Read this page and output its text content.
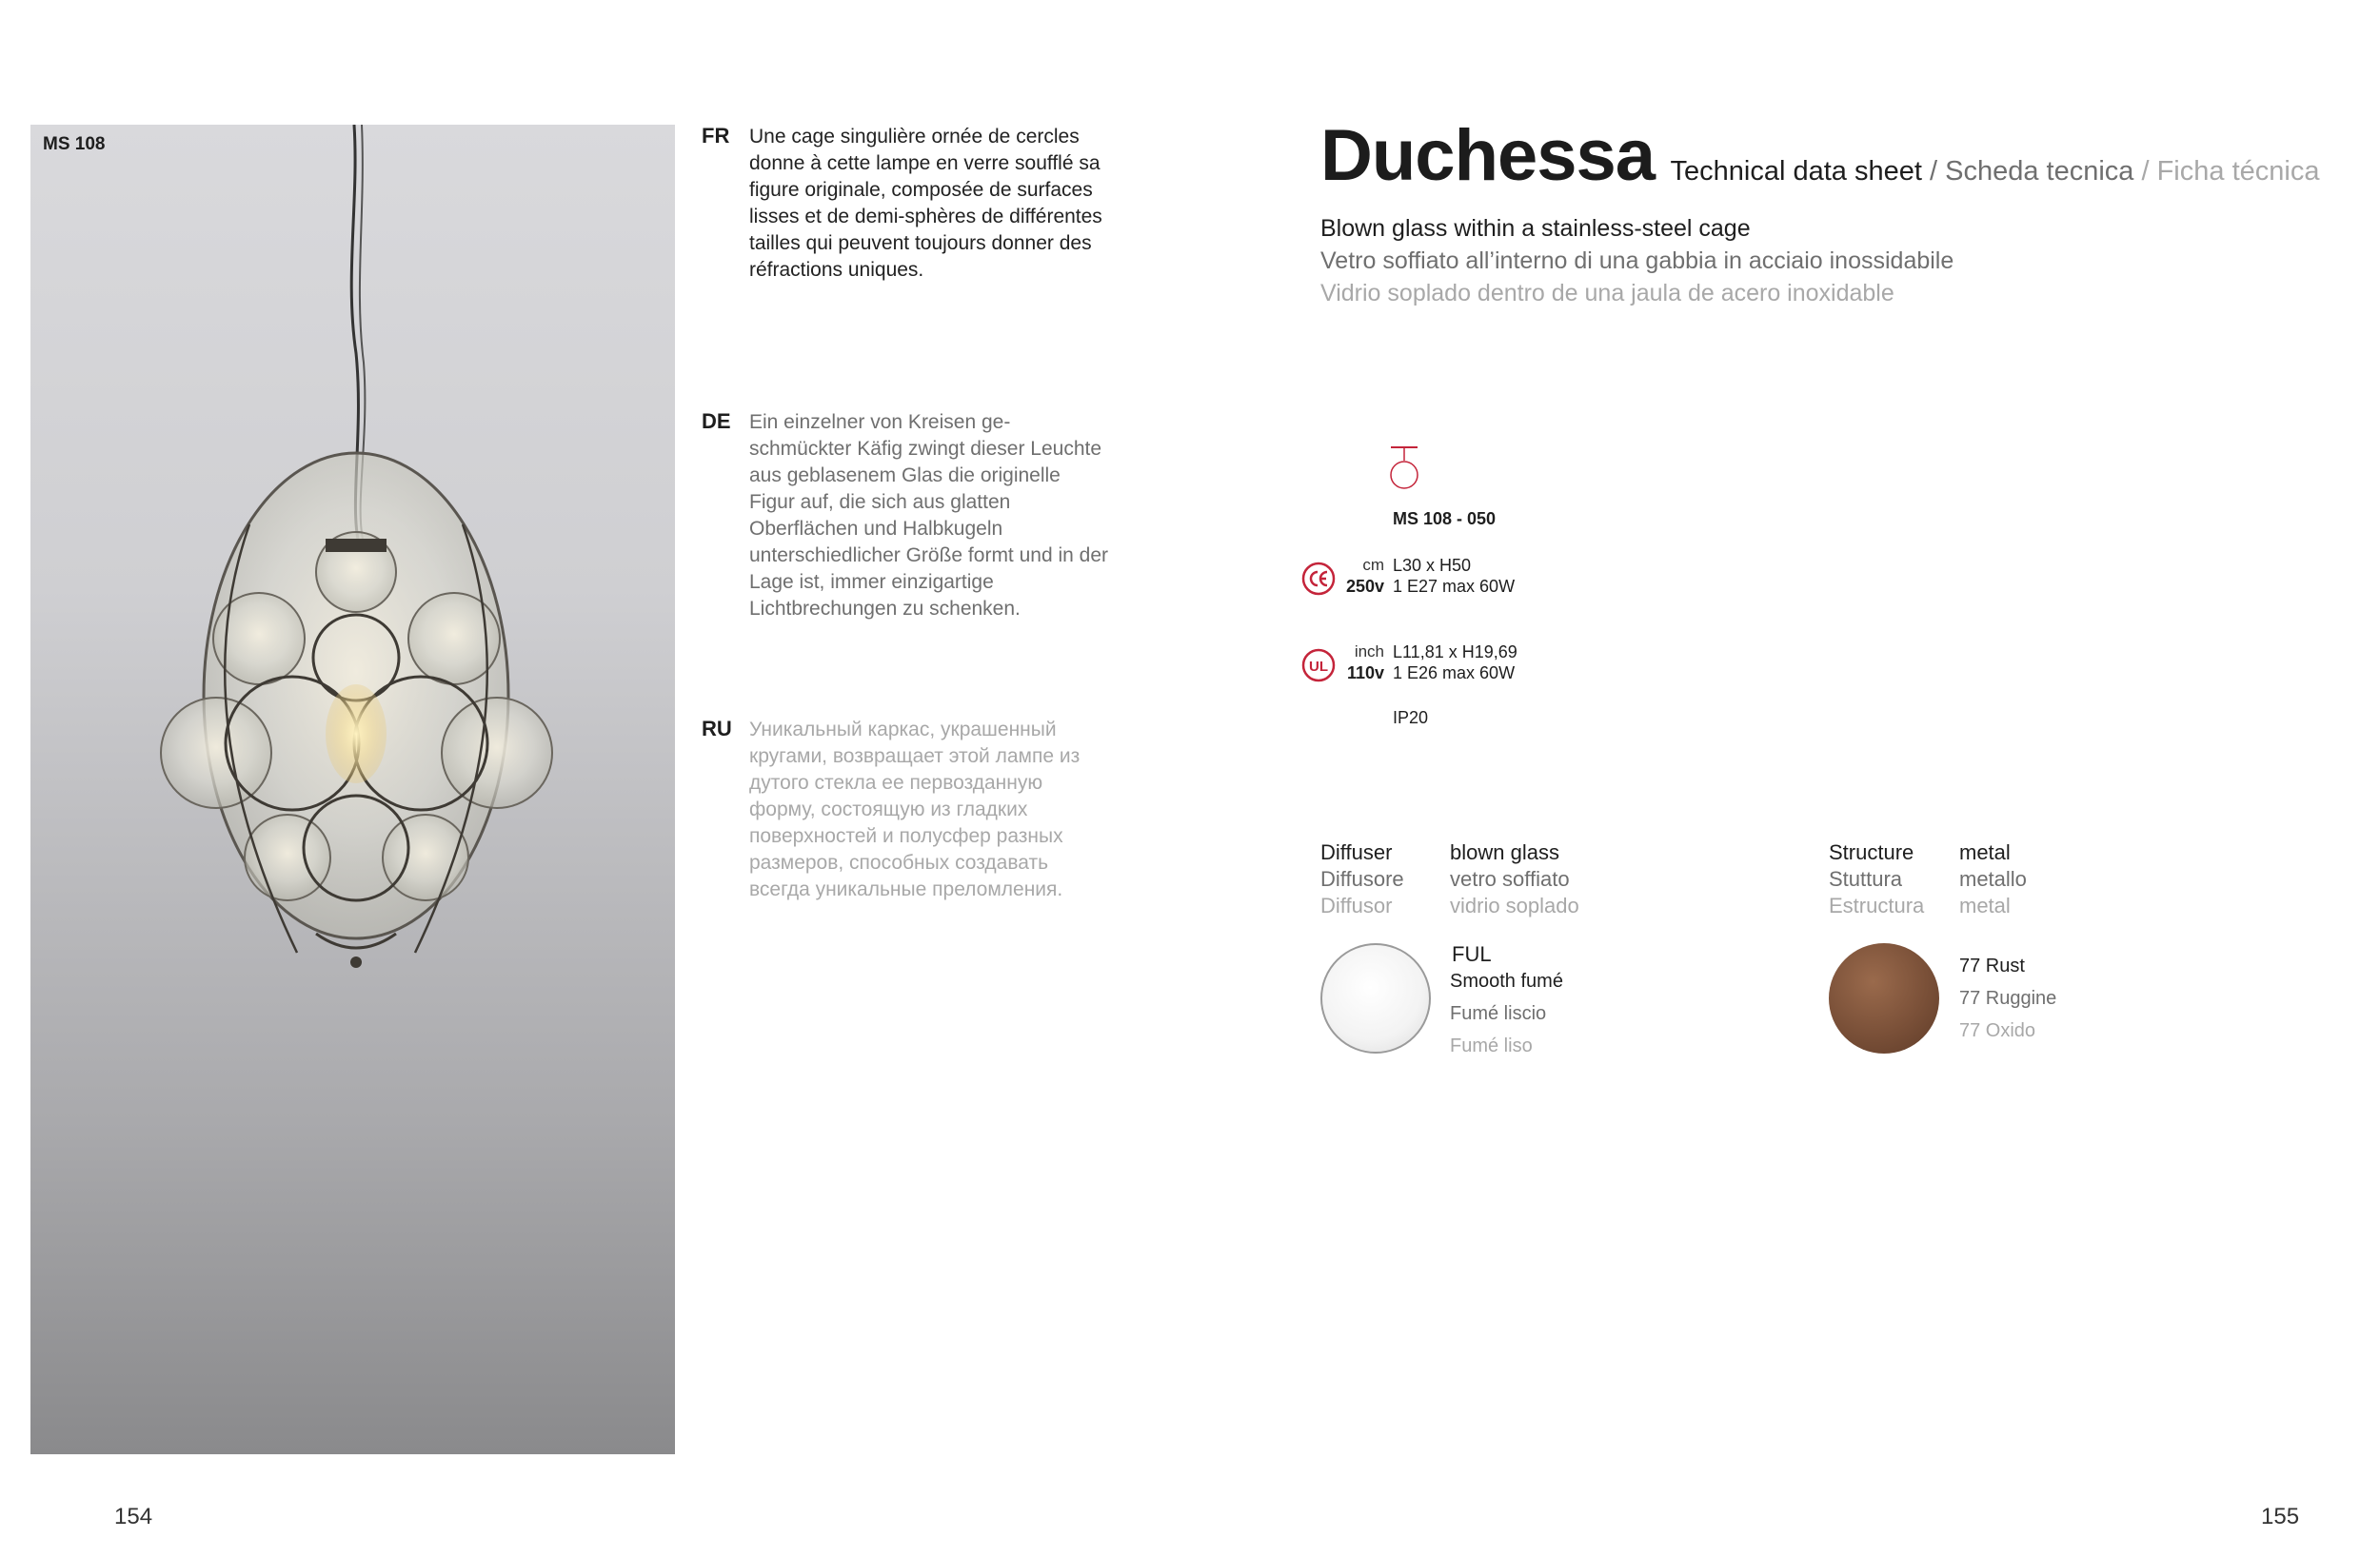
MS 108	FR Une cage singulière ornée de cercles donne à cette lampe en verre soufflé sa figure originale, composée de surfaces lisses et de demi-sphères de différentes tailles qui peuvent toujours donner des réfractions uniques.
DE Ein einzelner von Kreisen ge-schmückter Käfig zwingt dieser Leuchte aus geblasenem Glas die originelle Figur auf, die sich aus glatten Oberflächen und Halbkugeln unterschiedlicher Größe formt und in der Lage ist, immer einzigartige Lichtbrechungen zu schenken.
RU Уникальный каркас, украшенный кругами, возвращает этой лампе из дутого стекла ее первозданную форму, состоящую из гладких поверхностей и полусфер разных размеров, способных создавать всегда уникальные преломления.
Duchessa Technical data sheet / Scheda tecnica / Ficha técnica
Blown glass within a stainless-steel cage
Vetro soffiato all’interno di una gabbia in acciaio inossidabile
Vidrio soplado dentro de una jaula de acero inoxidable
MS 108 - 050
cm
250v
L30 x H50
1 E27 max 60W
UL
inch
110v
L11,81 x H19,69
1 E26 max 60W
IP20
Diffuser
Diffusore
Diffusor
blown glass
vetro soffiato
vidrio soplado
FUL
Smooth fumé
Fumé liscio
Fumé liso
Structure
Stuttura
Estructura
metal
metallo
metal
77 Rust
77 Ruggine
77 Oxido
154	155
